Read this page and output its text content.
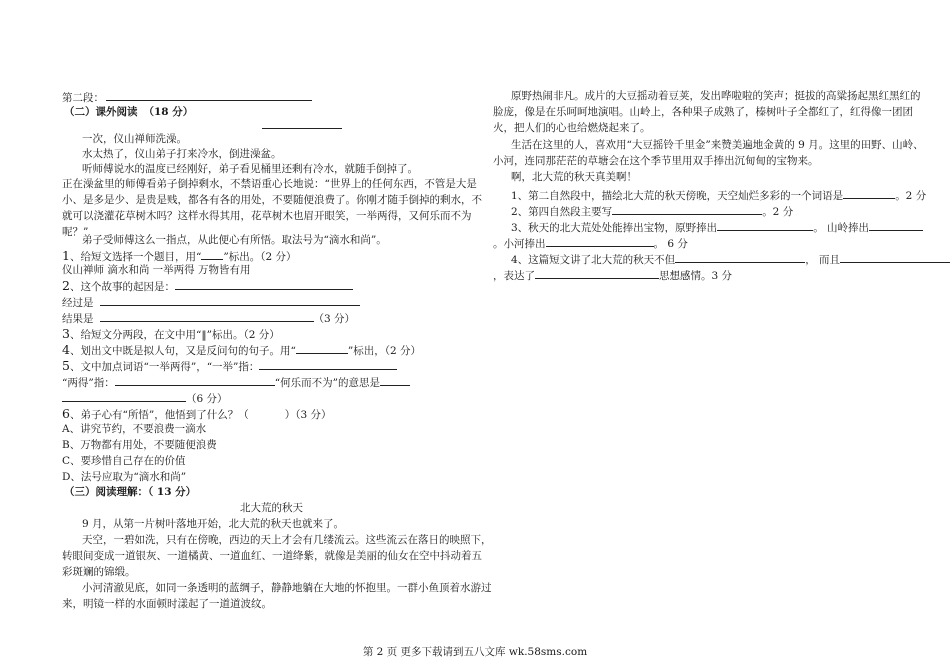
第二段：
（二）课外阅读 （18 分）
一次，仪山禅师洗澡。
水太热了，仪山弟子打来冷水，倒进澡盆。
听师傅说水的温度已经刚好，弟子看见桶里还剩有冷水，就随手倒掉了。
正在澡盆里的师傅看弟子倒掉剩水，不禁语重心长地说：“世界上的任何东西，不管是大是
小、是多是少、是贵是贱，都各有各的用处，不要随便浪费了。你刚才随手倒掉的剩水，不
就可以浇灌花草树木吗？这样水得其用，花草树木也眉开眼笑，一举两得，又何乐而不为
呢？”
弟子受师傅这么一指点，从此便心有所悟。取法号为“滴水和尚”。
1、给短文选择一个题目，用“ ”标出。（2 分）
仪山禅师 滴水和尚 一举两得 万物皆有用
2、这个故事的起因是：
经过是
结果是	（3 分）
3、给短文分两段，在文中用“‖”标出。（2 分）
4、划出文中既是拟人句，又是反问句的句子。用“	”标出，（2 分）
5、文中加点词语“一举两得”，“一举”指：
“两得”指：	“何乐而不为”的意思是
（6 分）
6、弟子心有“所悟”，他悟到了什么？（	）（3 分）
A、讲究节约，不要浪费一滴水
B、万物都有用处，不要随便浪费
C、要珍惜自己存在的价值
D、法号应取为“滴水和尚”
（三）阅读理解：（ 13 分）
北大荒的秋天
9 月，从第一片树叶落地开始，北大荒的秋天也就来了。
天空，一碧如洗，只有在傍晚，西边的天上才会有几缕流云。这些流云在落日的映照下，
转眼间变成一道银灰、一道橘黄、一道血红、一道绛紫，就像是美丽的仙女在空中抖动着五
彩斑斓的锦缎。
小河清澈见底，如同一条透明的蓝绸子，静静地躺在大地的怀抱里。一群小鱼顶着水游过
来，明镜一样的水面顿时漾起了一道道波纹。
原野热闹非凡。成片的大豆摇动着豆荚，发出哗啦啦的笑声；挺拔的高粱扬起黑红黑红的
脸庞，像是在乐呵呵地演唱。山岭上，各种果子成熟了，榛树叶子全都红了，红得像一团团
火，把人们的心也给燃烧起来了。
生活在这里的人，喜欢用“大豆摇铃千里金”来赞美遍地金黄的 9 月。这里的田野、山岭、
小河，连同那茫茫的草塘会在这个季节里用双手捧出沉甸甸的宝物来。
啊，北大荒的秋天真美啊！
1、第二自然段中，描绘北大荒的秋天傍晚，天空灿烂多彩的一个词语是	。2 分
2、第四自然段主要写	。2 分
3、秋天的北大荒处处能捧出宝物，原野捧出	。 山岭捧出
。小河捧出	。 6 分
4、这篇短文讲了北大荒的秋天不但	， 而且
，表达了	思想感情。3 分
第 2 页 更多下载请到五八文库 wk.58sms.com
